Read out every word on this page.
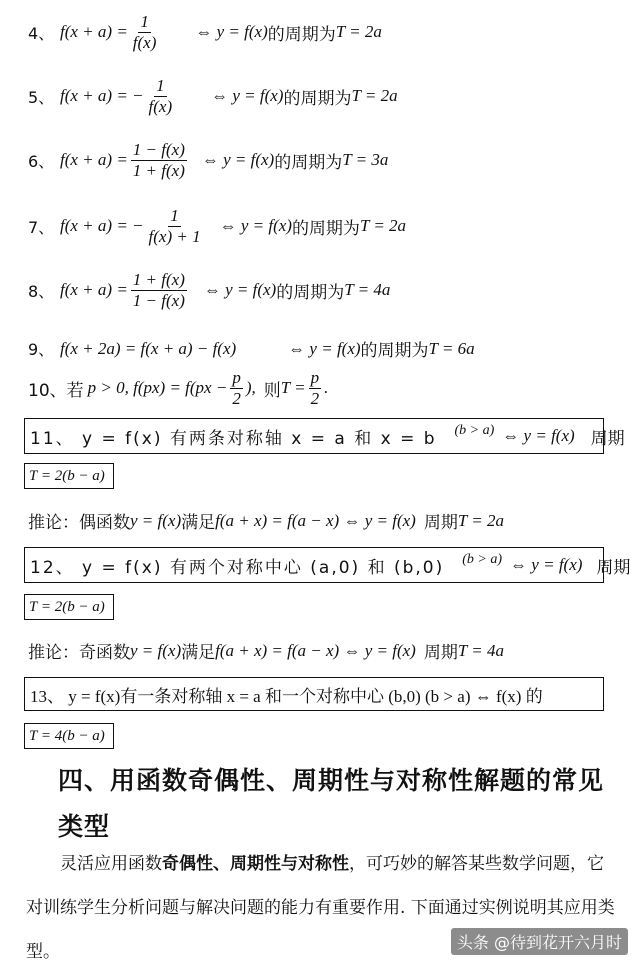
4、 $f(x + a) = \frac{1}{f(x)}$ ⇔ y = f(x) 的周期为 T = 2a
5、 f(x + a) = − $\frac{1}{f(x)}$ ⇔ y = f(x) 的周期为 T = 2a
6、 $f(x + a) = \frac{1 - f(x)}{1 + f(x)}$ ⇔ y = f(x) 的周期为 T = 3a
7、 f(x + a) = − $\frac{1}{f(x) + 1}$ ⇔ y = f(x) 的周期为 T = 2a
8、 $f(x + a) = \frac{1 + f(x)}{1 - f(x)}$ ⇔ y = f(x) 的周期为 T = 4a
9、 f(x + 2a) = f(x + a) − f(x)	⇔ y = f(x) 的周期为 T = 6a
10、若 p > 0, $f(px) = f(px - \frac{p}{2}$ ), 则 $T = \frac{p}{2}$ .
11、 y = f(x) 有两条对称轴 x = a 和 x = b (b > a) ⇔ y = f(x) 周期
T = 2(b − a)
推论：偶函数 y = f(x) 满足 f(a + x) = f(a − x) ⇔ y = f(x) 周期 T = 2a
12、 y = f(x) 有两个对称中心 (a,0) 和 (b,0) (b > a) ⇔ y = f(x) 周期
T = 2(b − a)
推论：奇函数 y = f(x) 满足 f(a + x) = f(a − x) ⇔ y = f(x) 周期 T = 4a
13、 y = f(x)有一条对称轴 x = a 和一个对称中心 (b,0) (b > a) ⇔ f(x) 的
T = 4(b − a)
四、用函数奇偶性、周期性与对称性解题的常见类型
灵活应用函数奇偶性、周期性与对称性，可巧妙的解答某些数学问题，它对训练学生分析问题与解决问题的能力有重要作用. 下面通过实例说明其应用类型。	头条 @待到花开六月时
